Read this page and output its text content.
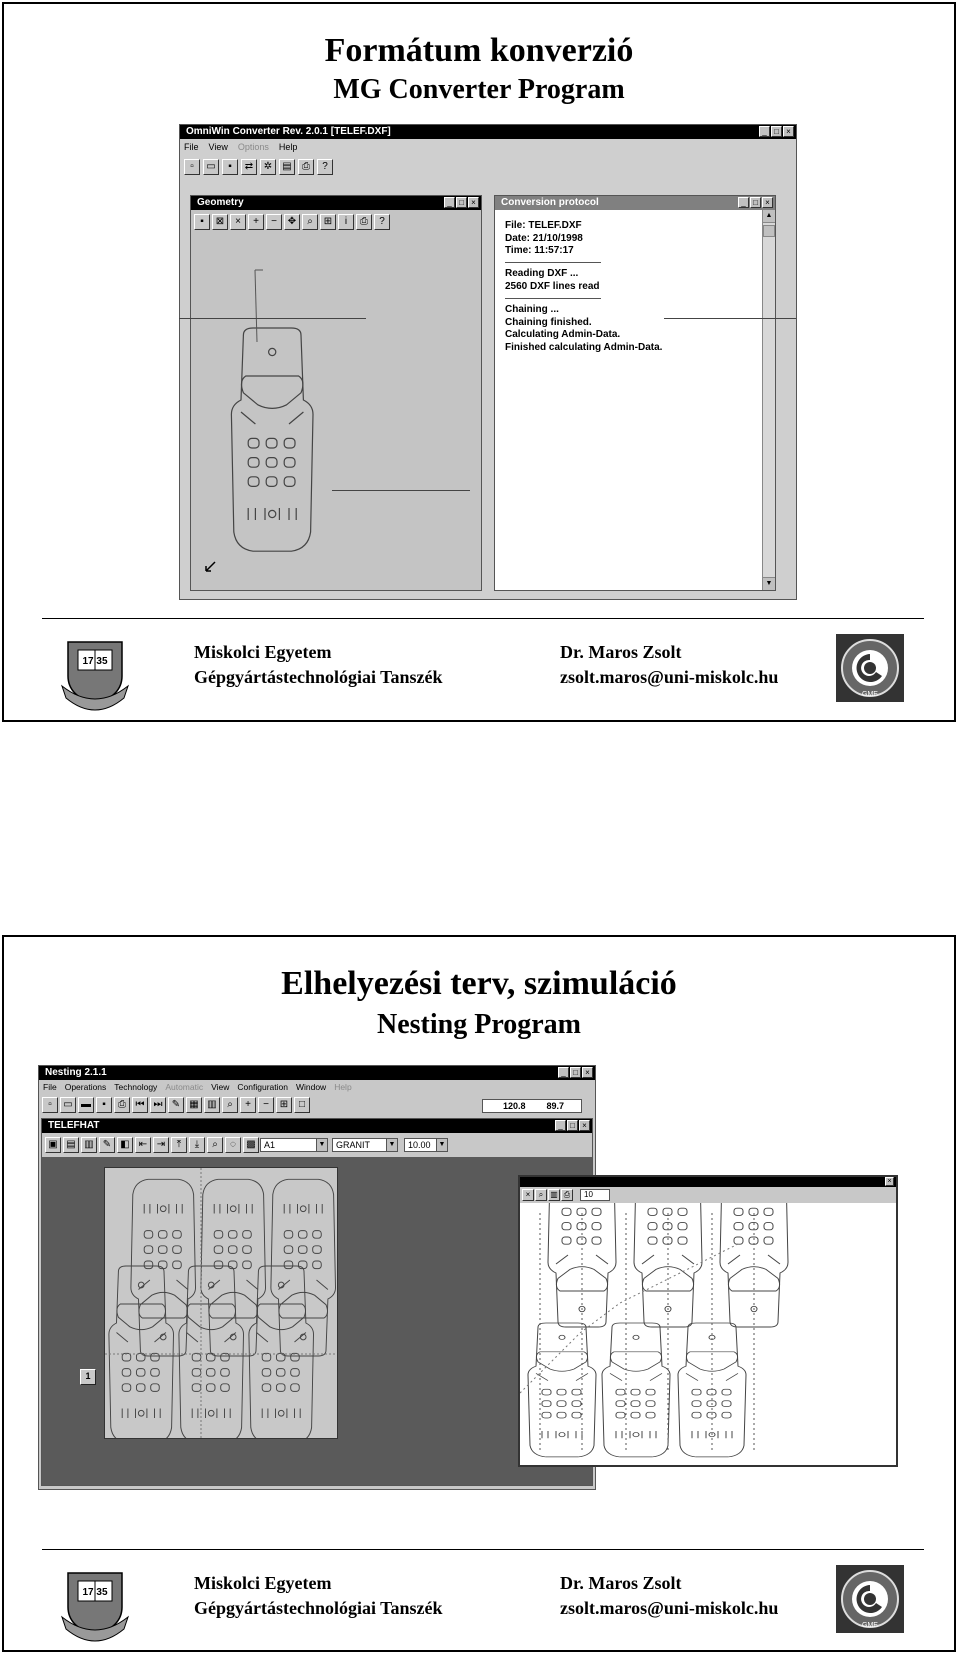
Formátum konverzió
MG Converter Program
OmniWin Converter Rev. 2.0.1 [TELEF.DXF]	_ □ ×
File View Options Help
▫	▭	▪	⇄	✲	▤	⎙	?
Geometry	_ □ ×
▪	⊠	×	+	−	✥	⌕	⊞	i	⎙	?
Conversion protocol	_ □ ×
▲
▼
File: TELEF.DXF
Date: 21/10/1998
Time: 11:57:17
Reading DXF ...
2560 DXF lines read
Chaining ...
Chaining finished.
Calculating Admin-Data.
Finished calculating Admin-Data.
17 35	Miskolci Egyetem
Gépgyártástechnológiai Tanszék
Dr. Maros Zsolt
zsolt.maros@uni-miskolc.hu
GME
Elhelyezési terv, szimuláció
Nesting Program
Nesting 2.1.1	_ □ ×
File Operations Technology Automatic View Configuration Window Help
▫	▭ ▬	▪	⎙ ⏮ ⏭ ✎ ▦ ▥	⌕	+	−	⊞	□	120.8 89.7
TELEFHAT	_ □ ×
▣ ▤ ▥ ✎ ◧ ⇤ ⇥	⤒	⤓	⌕	◌	▩ A1	▼	GRANIT	▼	10.00	▼
1
×
×	⌕ ▥ ⎙	10
17 35	Miskolci Egyetem
Gépgyártástechnológiai Tanszék
Dr. Maros Zsolt
zsolt.maros@uni-miskolc.hu
GME
